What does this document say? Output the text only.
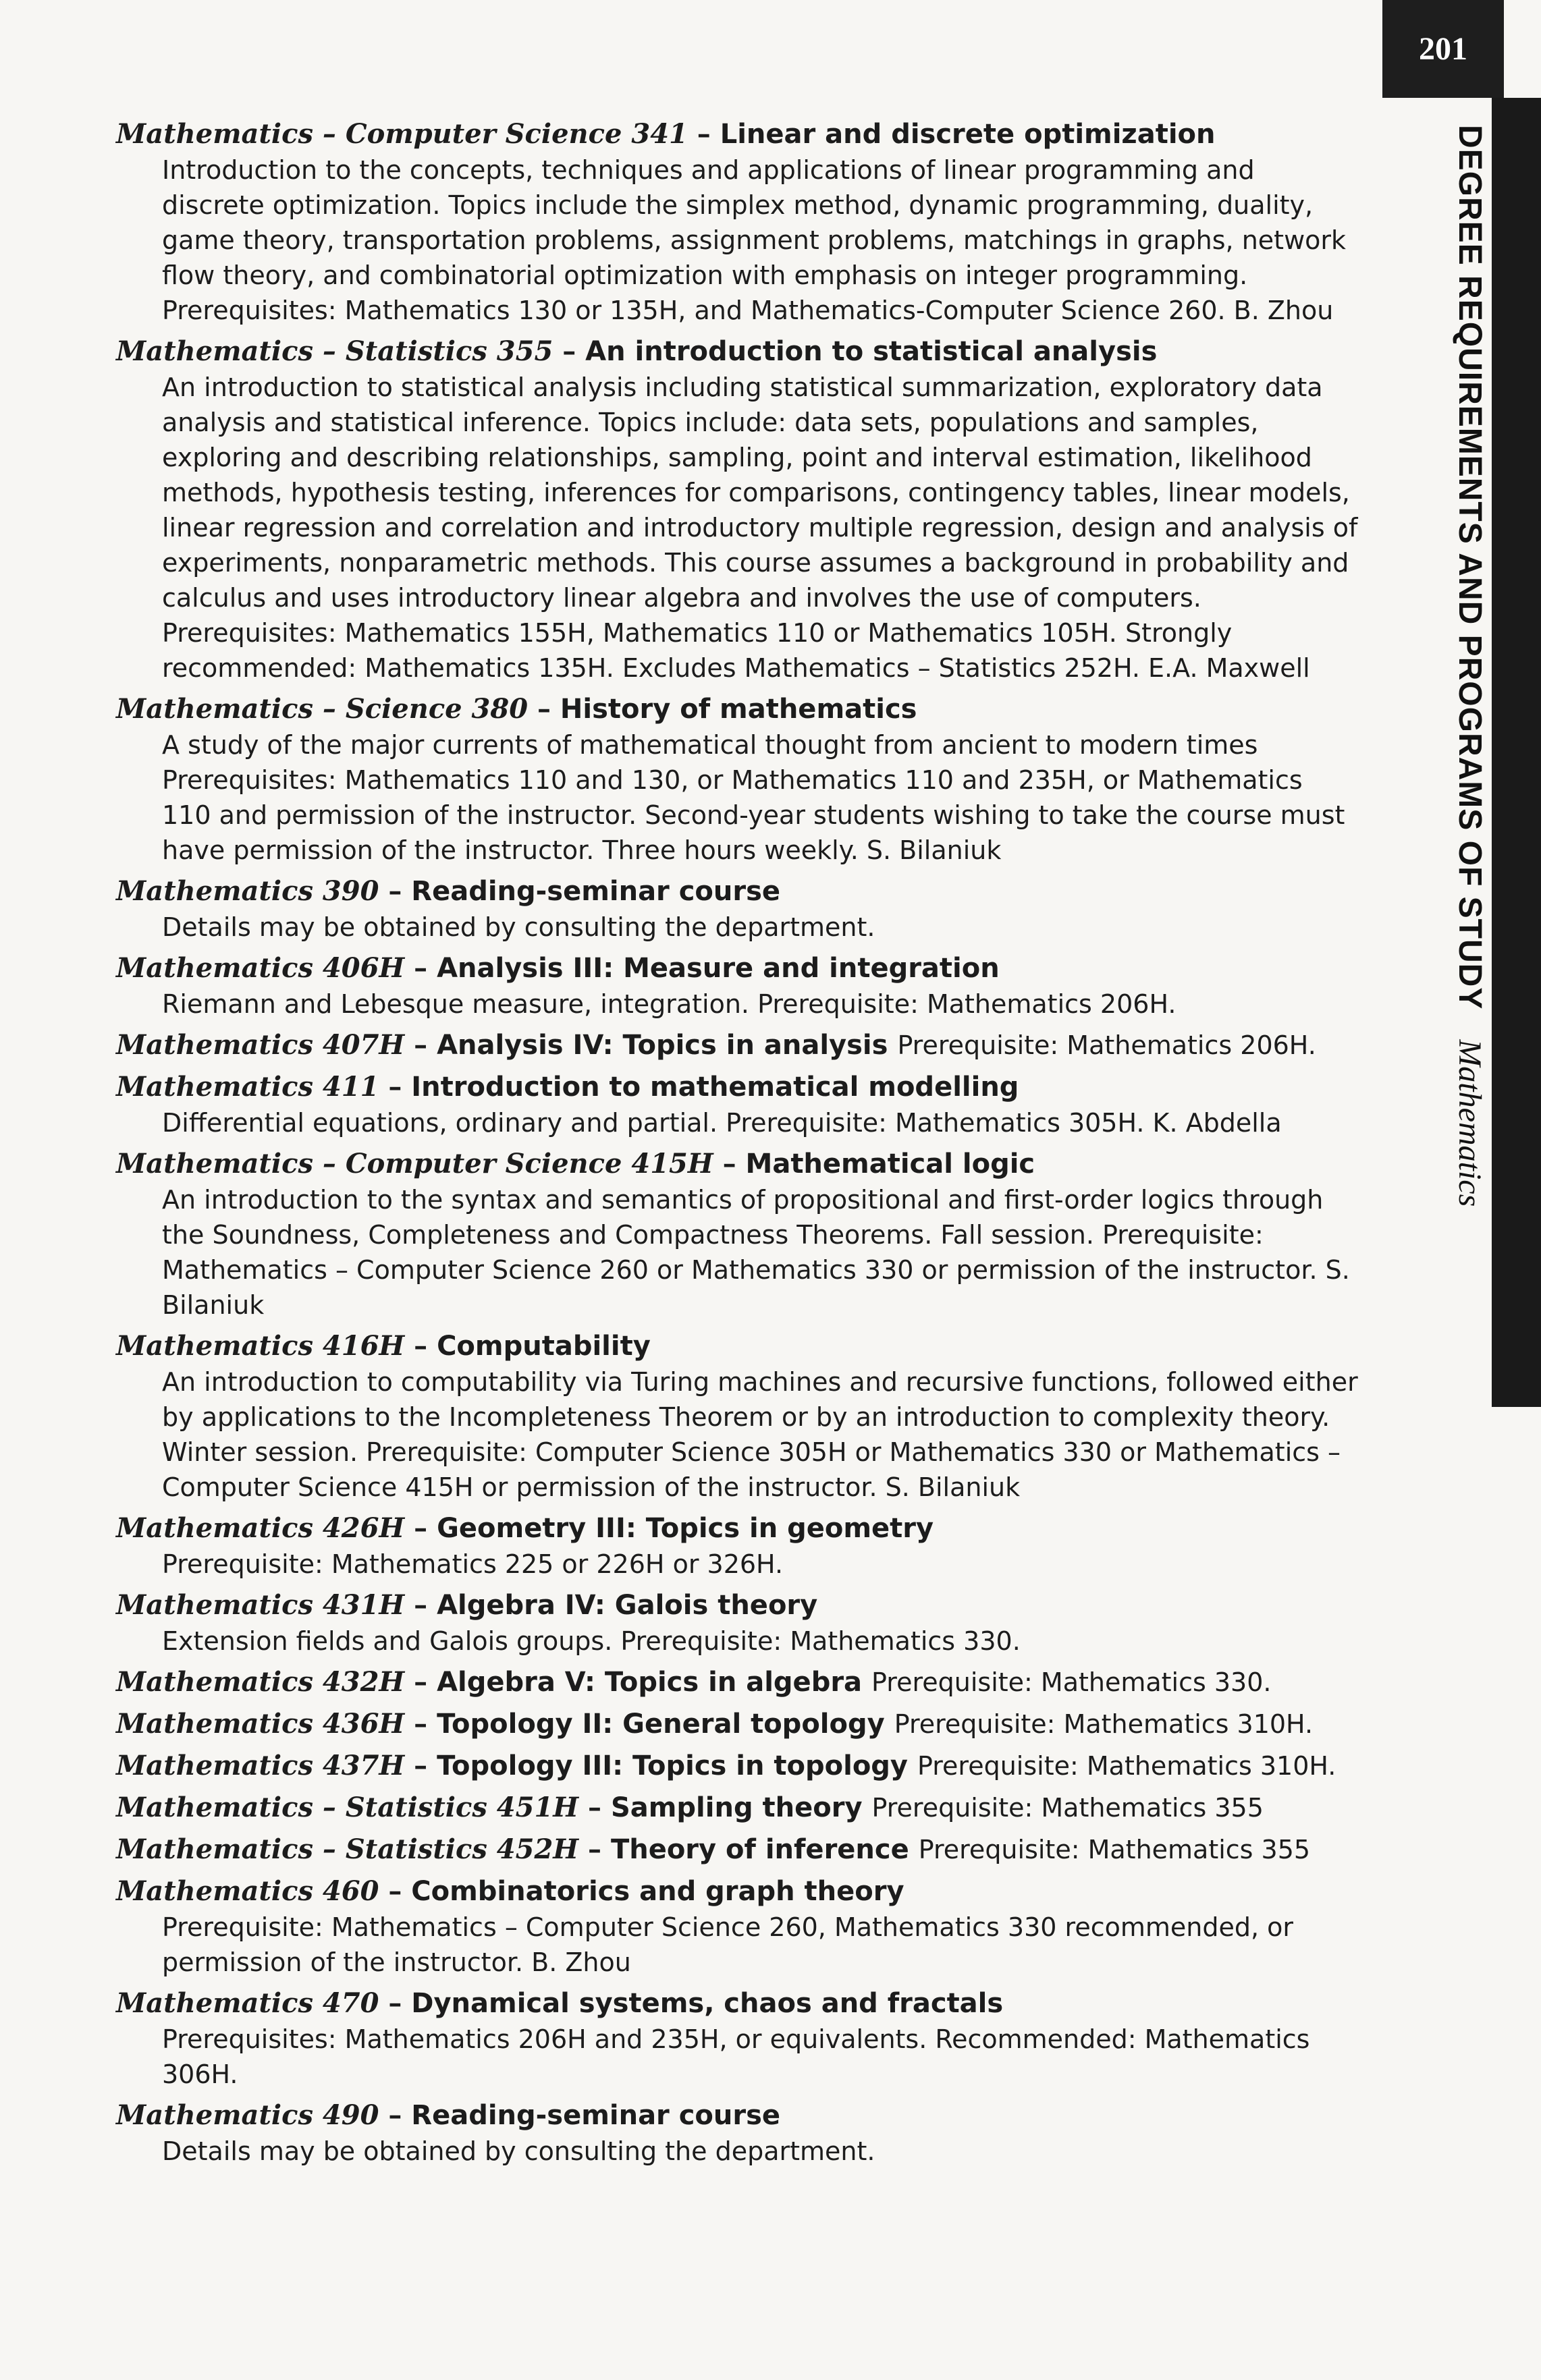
201
DEGREE REQUIREMENTS AND PROGRAMS OF STUDY
Mathematics
Mathematics – Computer Science 341 – Linear and discrete optimization
Introduction to the concepts, techniques and applications of linear programming and discrete optimization. Topics include the simplex method, dynamic programming, duality, game theory, transportation problems, assignment problems, matchings in graphs, network flow theory, and combinatorial optimization with emphasis on integer programming. Prerequisites: Mathematics 130 or 135H, and Mathematics-Computer Science 260. B. Zhou
Mathematics – Statistics 355 – An introduction to statistical analysis
An introduction to statistical analysis including statistical summarization, exploratory data analysis and statistical inference. Topics include: data sets, populations and samples, exploring and describing relationships, sampling, point and interval estimation, likelihood methods, hypothesis testing, inferences for comparisons, contingency tables, linear models, linear regression and correlation and introductory multiple regression, design and analysis of experiments, nonparametric methods. This course assumes a background in probability and calculus and uses introductory linear algebra and involves the use of computers. Prerequisites: Mathematics 155H, Mathematics 110 or Mathematics 105H. Strongly recommended: Mathematics 135H. Excludes Mathematics – Statistics 252H. E.A. Maxwell
Mathematics – Science 380 – History of mathematics
A study of the major currents of mathematical thought from ancient to modern times Prerequisites: Mathematics 110 and 130, or Mathematics 110 and 235H, or Mathematics 110 and permission of the instructor. Second-year students wishing to take the course must have permission of the instructor. Three hours weekly. S. Bilaniuk
Mathematics 390 – Reading-seminar course
Details may be obtained by consulting the department.
Mathematics 406H – Analysis III: Measure and integration
Riemann and Lebesque measure, integration. Prerequisite: Mathematics 206H.
Mathematics 407H – Analysis IV: Topics in analysis Prerequisite: Mathematics 206H.
Mathematics 411 – Introduction to mathematical modelling
Differential equations, ordinary and partial. Prerequisite: Mathematics 305H. K. Abdella
Mathematics – Computer Science 415H – Mathematical logic
An introduction to the syntax and semantics of propositional and first-order logics through the Soundness, Completeness and Compactness Theorems. Fall session. Prerequisite: Mathematics – Computer Science 260 or Mathematics 330 or permission of the instructor. S. Bilaniuk
Mathematics 416H – Computability
An introduction to computability via Turing machines and recursive functions, followed either by applications to the Incompleteness Theorem or by an introduction to complexity theory. Winter session. Prerequisite: Computer Science 305H or Mathematics 330 or Mathematics – Computer Science 415H or permission of the instructor. S. Bilaniuk
Mathematics 426H – Geometry III: Topics in geometry
Prerequisite: Mathematics 225 or 226H or 326H.
Mathematics 431H – Algebra IV: Galois theory
Extension fields and Galois groups. Prerequisite: Mathematics 330.
Mathematics 432H – Algebra V: Topics in algebra Prerequisite: Mathematics 330.
Mathematics 436H – Topology II: General topology Prerequisite: Mathematics 310H.
Mathematics 437H – Topology III: Topics in topology Prerequisite: Mathematics 310H.
Mathematics – Statistics 451H – Sampling theory Prerequisite: Mathematics 355
Mathematics – Statistics 452H – Theory of inference Prerequisite: Mathematics 355
Mathematics 460 – Combinatorics and graph theory
Prerequisite: Mathematics – Computer Science 260, Mathematics 330 recommended, or permission of the instructor. B. Zhou
Mathematics 470 – Dynamical systems, chaos and fractals
Prerequisites: Mathematics 206H and 235H, or equivalents. Recommended: Mathematics 306H.
Mathematics 490 – Reading-seminar course
Details may be obtained by consulting the department.
